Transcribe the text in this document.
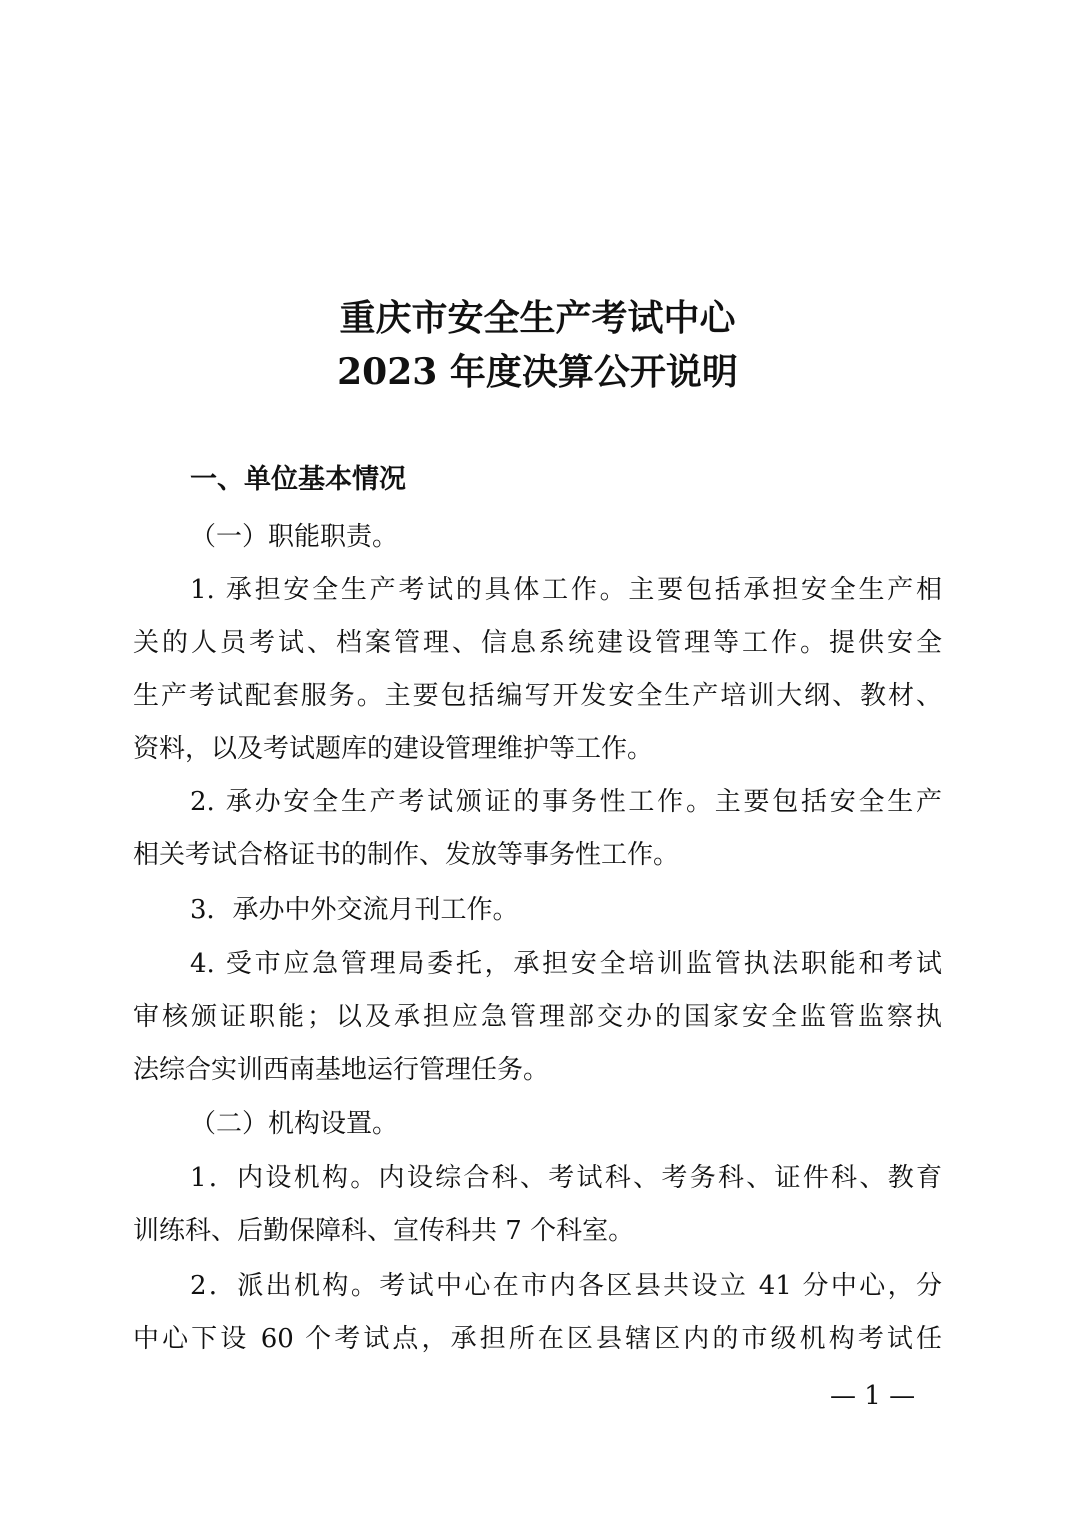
重庆市安全生产考试中心
2023 年度决算公开说明
一、单位基本情况
（一）职能职责。
1. 承担安全生产考试的具体工作。主要包括承担安全生产相
关的人员考试、档案管理、信息系统建设管理等工作。提供安全
生产考试配套服务。主要包括编写开发安全生产培训大纲、教材、
资料，以及考试题库的建设管理维护等工作。
2. 承办安全生产考试颁证的事务性工作。主要包括安全生产
相关考试合格证书的制作、发放等事务性工作。
3．承办中外交流月刊工作。
4. 受市应急管理局委托，承担安全培训监管执法职能和考试
审核颁证职能；以及承担应急管理部交办的国家安全监管监察执
法综合实训西南基地运行管理任务。
（二）机构设置。
1．内设机构。内设综合科、考试科、考务科、证件科、教育
训练科、后勤保障科、宣传科共 7 个科室。
2．派出机构。考试中心在市内各区县共设立 41 分中心，分
中心下设 60 个考试点，承担所在区县辖区内的市级机构考试任
— 1 —
